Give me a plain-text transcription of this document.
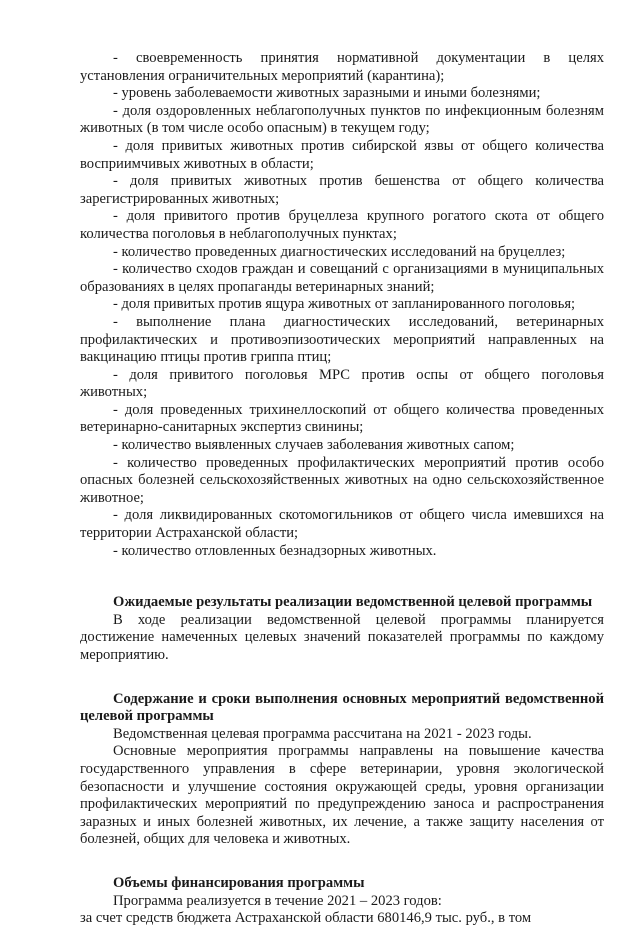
- своевременность принятия нормативной документации в целях установления ограничительных мероприятий (карантина);

- уровень заболеваемости животных заразными и иными болезнями;

- доля оздоровленных неблагополучных пунктов по инфекционным болезням животных (в том числе особо опасным) в текущем году;

- доля привитых животных против сибирской язвы от общего количества восприимчивых животных в области;

- доля привитых животных против бешенства от общего количества зарегистрированных животных;

- доля привитого против бруцеллеза крупного рогатого скота от общего количества поголовья в неблагополучных пунктах;

- количество проведенных диагностических исследований на бруцеллез;

- количество сходов граждан и совещаний с организациями в муниципальных образованиях в целях пропаганды ветеринарных знаний;

- доля привитых против ящура животных от запланированного поголовья;

- выполнение плана диагностических исследований, ветеринарных профилактических и противоэпизоотических мероприятий направленных на вакцинацию птицы против гриппа птиц;

- доля привитого поголовья МРС против оспы от общего поголовья животных;

- доля проведенных трихинеллоскопий от общего количества проведенных ветеринарно-санитарных экспертиз свинины;

- количество выявленных случаев заболевания животных сапом;

- количество проведенных профилактических мероприятий против особо опасных болезней сельскохозяйственных животных на одно сельскохозяйственное животное;

- доля ликвидированных скотомогильников от общего числа имевшихся на территории Астраханской области;

- количество отловленных безнадзорных животных.

Ожидаемые результаты реализации ведомственной целевой программы

В ходе реализации ведомственной целевой программы планируется достижение намеченных целевых значений показателей программы по каждому мероприятию.

Содержание и сроки выполнения основных мероприятий ведомственной целевой программы

Ведомственная целевая программа рассчитана на 2021 - 2023 годы.

Основные мероприятия программы направлены на повышение качества государственного управления в сфере ветеринарии, уровня экологической безопасности и улучшение состояния окружающей среды, уровня организации профилактических мероприятий по предупреждению заноса и распространения заразных и иных болезней животных, их лечение, а также защиту населения от болезней, общих для человека и животных.

Объемы финансирования программы

Программа реализуется в течение 2021 – 2023 годов:

за счет средств бюджета Астраханской области 680146,9 тыс. руб., в том
